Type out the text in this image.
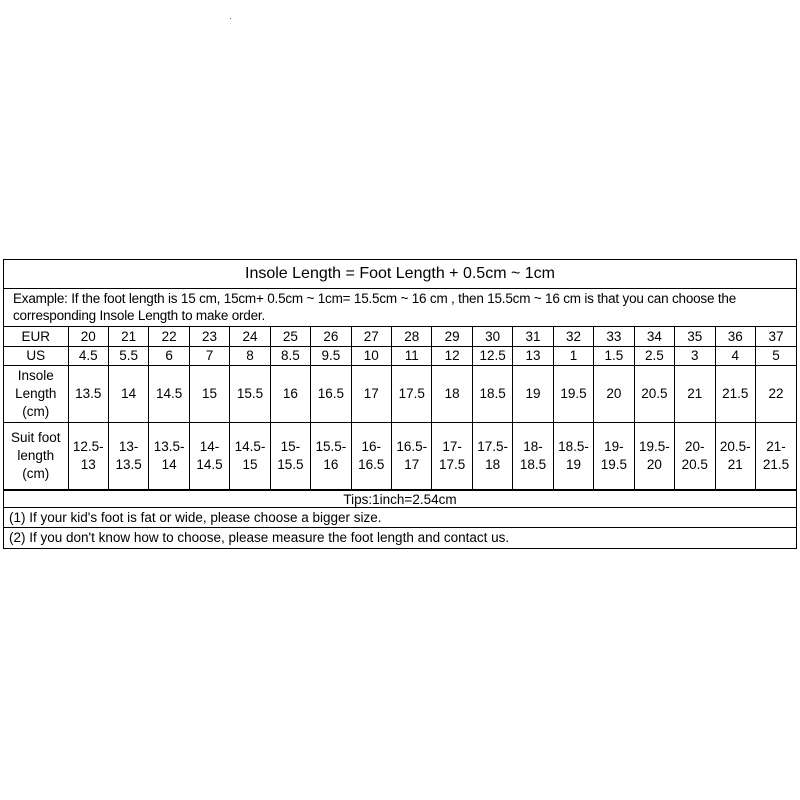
Insole Length = Foot Length + 0.5cm ~ 1cm
Example: If the foot length is 15 cm, 15cm+ 0.5cm ~ 1cm= 15.5cm ~ 16 cm , then 15.5cm ~ 16 cm is that you can choose the
corresponding Insole Length to make order.
EUR	20	21	22	23	24	25	26	27	28	29	30	31	32	33	34	35	36	37
US	4.5	5.5	6	7	8	8.5	9.5	10	11	12	12.5	13	1	1.5	2.5	3	4	5
Insole Length (cm)	13.5	14	14.5	15	15.5	16	16.5	17	17.5	18	18.5	19	19.5	20	20.5	21	21.5	22
Suit foot length (cm)	12.5-13	13-13.5	13.5-14	14-14.5	14.5-15	15-15.5	15.5-16	16-16.5	16.5-17	17-17.5	17.5-18	18-18.5	18.5-19	19-19.5	19.5-20	20-20.5	20.5-21	21-21.5
Tips:1inch=2.54cm
(1) If your kid's foot is fat or wide, please choose a bigger size.
(2) If you don't know how to choose, please measure the foot length and contact us.
